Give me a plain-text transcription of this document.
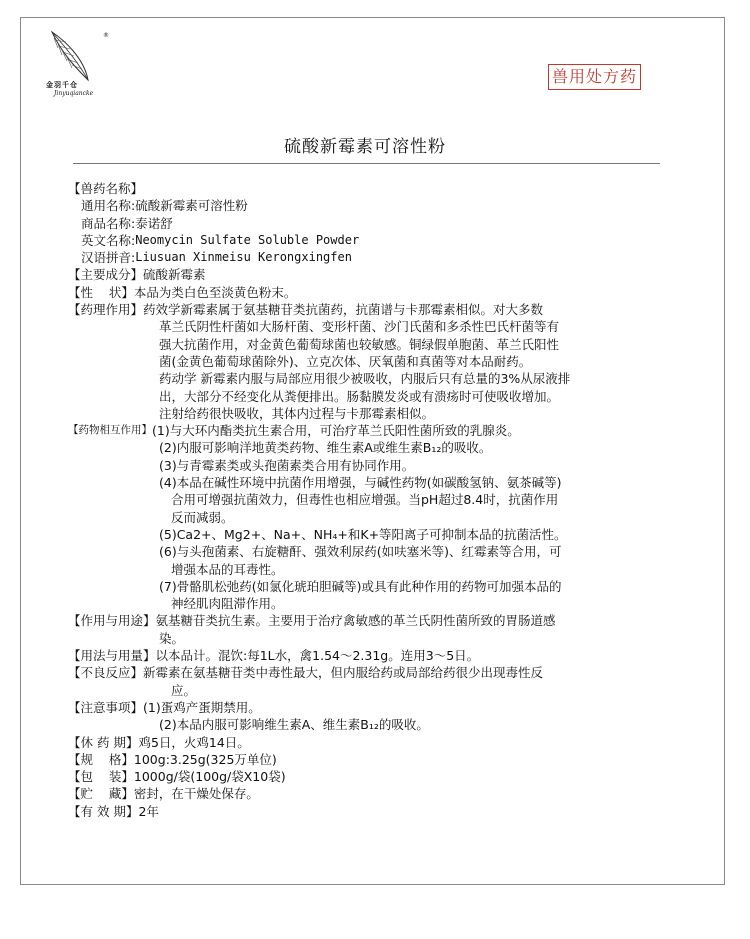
®
金羽千仓
Jinyuqiancke
兽用处方药
硫酸新霉素可溶性粉
【兽药名称】
通用名称: 硫酸新霉素可溶性粉
商品名称: 泰诺舒
英文名称: Neomycin Sulfate Soluble Powder
汉语拼音: Liusuan Xinmeisu Kerongxingfen
【主要成分】 硫酸新霉素
【性    状】 本品为类白色至淡黄色粉末。
【药理作用】 药效学新霉素属于氨基糖苷类抗菌药，抗菌谱与卡那霉素相似。对大多数
革兰氏阴性杆菌如大肠杆菌、变形杆菌、沙门氏菌和多杀性巴氏杆菌等有
强大抗菌作用，对金黄色葡萄球菌也较敏感。铜绿假单胞菌、革兰氏阳性
菌(金黄色葡萄球菌除外)、立克次体、厌氧菌和真菌等对本品耐药。
药动学 新霉素内服与局部应用很少被吸收，内服后只有总量的3%从尿液排
出，大部分不经变化从粪便排出。肠黏膜发炎或有溃疡时可使吸收增加。
注射给药很快吸收，其体内过程与卡那霉素相似。
【药物相互作用】 (1)与大环内酯类抗生素合用，可治疗革兰氏阳性菌所致的乳腺炎。
(2)内服可影响洋地黄类药物、维生素A或维生素B₁₂的吸收。
(3)与青霉素类或头孢菌素类合用有协同作用。
(4)本品在碱性环境中抗菌作用增强，与碱性药物(如碳酸氢钠、氨茶碱等)
合用可增强抗菌效力，但毒性也相应增强。当pH超过8.4时，抗菌作用
反而减弱。
(5)Ca2+、Mg2+、Na+、NH₄+和K+等阳离子可抑制本品的抗菌活性。
(6)与头孢菌素、右旋糖酐、强效利尿药(如呋塞米等)、红霉素等合用，可
增强本品的耳毒性。
(7)骨骼肌松弛药(如氯化琥珀胆碱等)或具有此种作用的药物可加强本品的
神经肌肉阻滞作用。
【作用与用途】 氨基糖苷类抗生素。主要用于治疗禽敏感的革兰氏阴性菌所致的胃肠道感
染。
【用法与用量】 以本品计。混饮:每1L水，禽1.54～2.31g。连用3～5日。
【不良反应】 新霉素在氨基糖苷类中毒性最大，但内服给药或局部给药很少出现毒性反
应。
【注意事项】 (1)蛋鸡产蛋期禁用。
(2)本品内服可影响维生素A、维生素B₁₂的吸收。
【休 药 期】 鸡5日，火鸡14日。
【规    格】 100g:3.25g(325万单位)
【包    装】 1000g/袋(100g/袋X10袋)
【贮    藏】 密封，在干燥处保存。
【有 效 期】 2年
